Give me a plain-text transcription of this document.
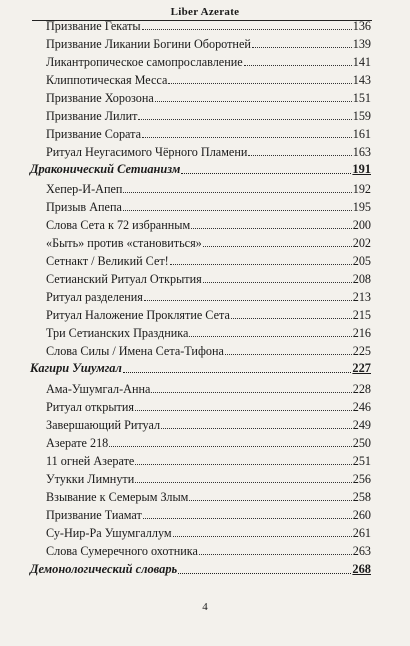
Liber Azerate
Призвание Гекаты	136
Призвание Ликании Богини Оборотней	139
Ликантропическое самопрославление	141
Клиппотическая Месса	143
Призвание Хорозона	151
Призвание Лилит	159
Призвание Сората	161
Ритуал Неугасимого Чёрного Пламени	163
Драконический Сетианизм	191
Хепер-И-Апеп	192
Призыв Апепа	195
Слова Сета к 72 избранным	200
«Быть» против «становиться»	202
Сетнакт / Великий Сет!	205
Сетианский Ритуал Открытия	208
Ритуал разделения	213
Ритуал Наложение Проклятие Сета	215
Три Сетианских Праздника	216
Слова Силы / Имена Сета-Тифона	225
Кагири Ушумгал	227
Ама-Ушумгал-Анна	228
Ритуал открытия	246
Завершающий Ритуал	249
Азерате 218	250
11 огней Азерате	251
Утукки Лимнути	256
Взывание к Семерым Злым	258
Призвание Тиамат	260
Су-Нир-Ра Ушумгаллум	261
Слова Сумеречного охотника	263
Демонологический словарь	268
4
